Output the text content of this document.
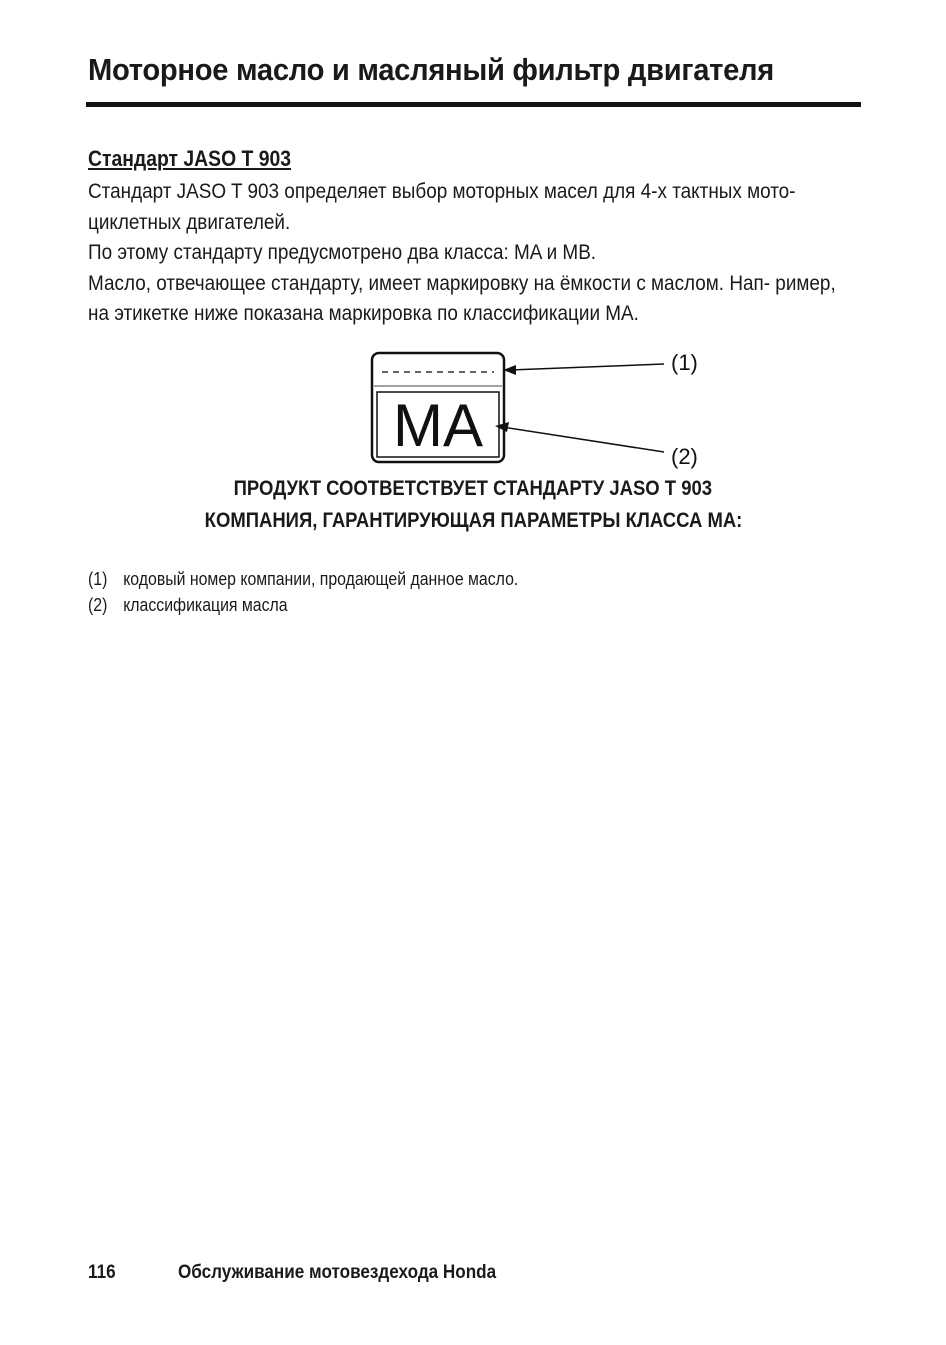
Моторное масло и масляный фильтр двигателя
Стандарт JASO T 903

Стандарт JASO T 903 определяет выбор моторных масел для 4-х тактных мото- циклетных двигателей.

По этому стандарту предусмотрено два класса: MA и MB.

Масло, отвечающее стандарту, имеет маркировку на ёмкости с маслом. Нап- ример, на этикетке ниже показана маркировка по классификации MA.

MA
(1)
(2)
ПРОДУКТ СООТВЕТСТВУЕТ СТАНДАРТУ JASO T 903
КОМПАНИЯ, ГАРАНТИРУЮЩАЯ ПАРАМЕТРЫ КЛАССА MA:
(1) кодовый номер компании, продающей данное масло.
(2) классификация масла
116	Обслуживание мотовездехода Honda
